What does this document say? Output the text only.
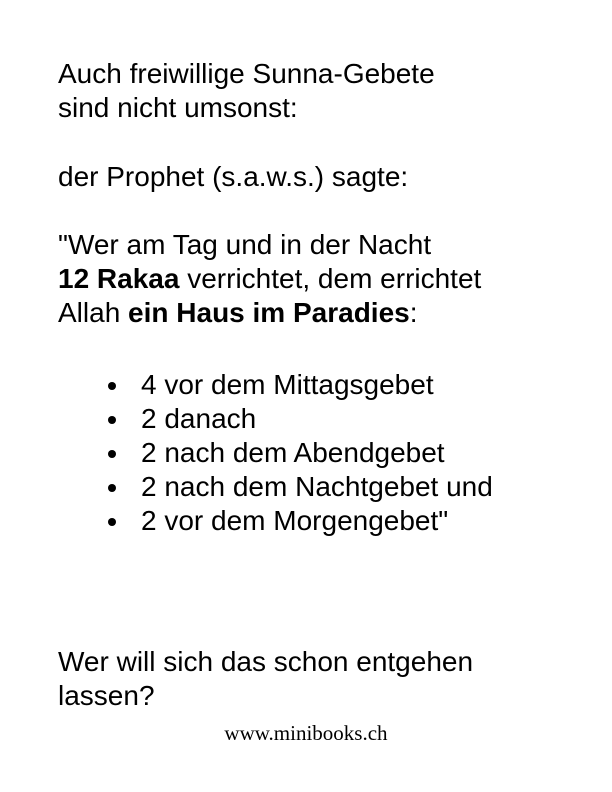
Auch freiwillige Sunna-Gebete
sind nicht umsonst:
der Prophet (s.a.w.s.) sagte:
"Wer am Tag und in der Nacht
12 Rakaa verrichtet, dem errichtet
Allah ein Haus im Paradies:
4 vor dem Mittagsgebet
2 danach
2 nach dem Abendgebet
2 nach dem Nachtgebet und
2 vor dem Morgengebet"
Wer will sich das schon entgehen
lassen?
www.minibooks.ch
